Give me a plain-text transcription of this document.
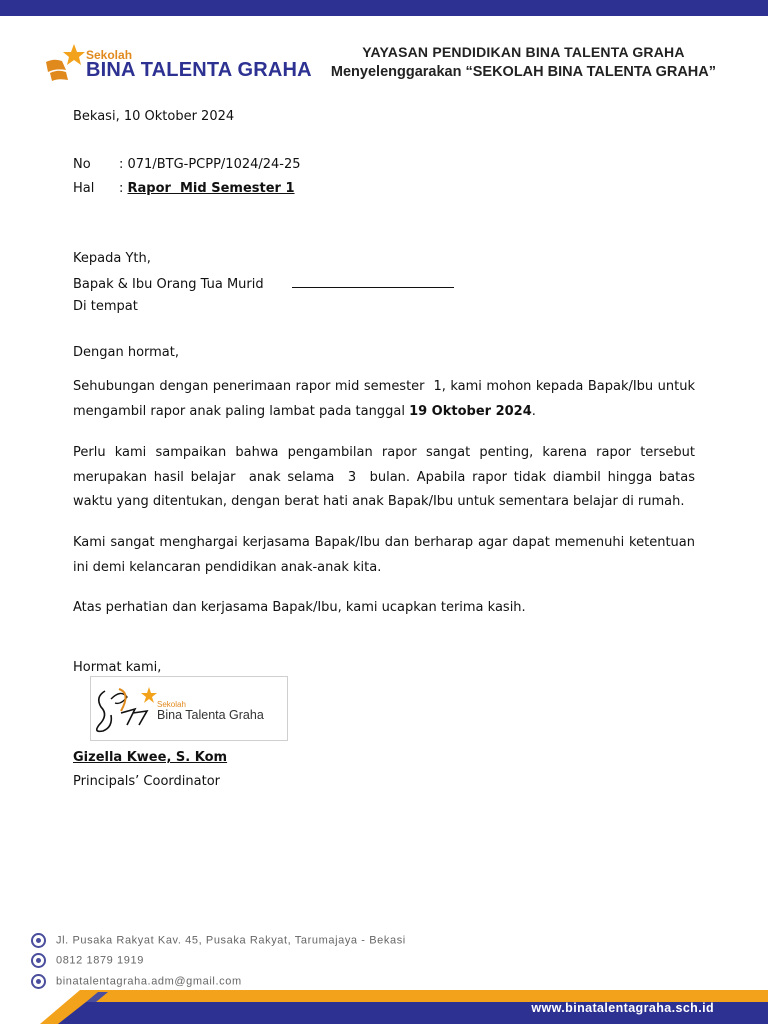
Sekolah
BINA TALENTA GRAHA
YAYASAN PENDIDIKAN BINA TALENTA GRAHA
Menyelenggarakan “SEKOLAH BINA TALENTA GRAHA”
Bekasi, 10 Oktober 2024
No : 071/BTG-PCPP/1024/24-25
Hal : Rapor  Mid Semester 1
Kepada Yth,
Bapak & Ibu Orang Tua Murid
Di tempat
Dengan hormat,
Sehubungan dengan penerimaan rapor mid semester  1, kami mohon kepada Bapak/Ibu untuk mengambil rapor anak paling lambat pada tanggal 19 Oktober 2024.
Perlu kami sampaikan bahwa pengambilan rapor sangat penting, karena rapor tersebut merupakan hasil belajar  anak selama  3  bulan. Apabila rapor tidak diambil hingga batas waktu yang ditentukan, dengan berat hati anak Bapak/Ibu untuk sementara belajar di rumah.
Kami sangat menghargai kerjasama Bapak/Ibu dan berharap agar dapat memenuhi ketentuan ini demi kelancaran pendidikan anak-anak kita.
Atas perhatian dan kerjasama Bapak/Ibu, kami ucapkan terima kasih.
Hormat kami,
Gizella Kwee, S. Kom
Principals’ Coordinator
Sekolah
Bina Talenta Graha
Jl. Pusaka Rakyat Kav. 45, Pusaka Rakyat, Tarumajaya - Bekasi
0812 1879 1919
binatalentagraha.adm@gmail.com
www.binatalentagraha.sch.id
